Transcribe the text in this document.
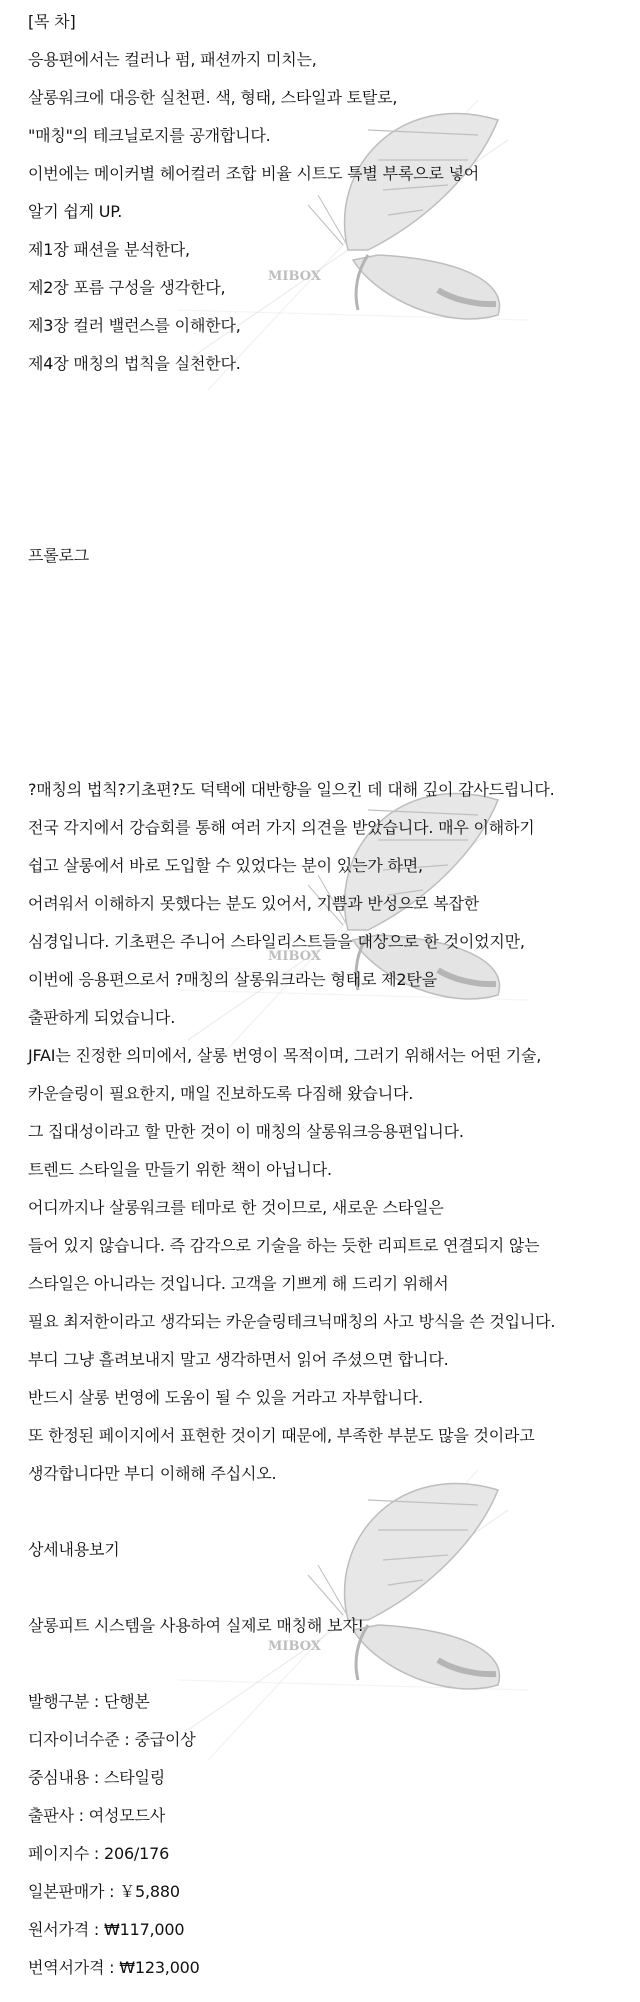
MIBOX
MIBOX
MIBOX
[목 차]
응용편에서는 컬러나 펌, 패션까지 미치는,
살롱워크에 대응한 실천편. 색, 형태, 스타일과 토탈로,
"매칭"의 테크닐로지를 공개합니다.
이번에는 메이커별 헤어컬러 조합 비율 시트도 특별 부록으로 넣어
알기 쉽게 UP.
제1장 패션을 분석한다,
제2장 포름 구성을 생각한다,
제3장 컬러 밸런스를 이해한다,
제4장 매칭의 법칙을 실천한다.
프롤로그
?매칭의 법칙?기초편?도 덕택에 대반향을 일으킨 데 대해 깊이 감사드립니다.
전국 각지에서 강습회를 통해 여러 가지 의견을 받았습니다. 매우 이해하기
쉽고 살롱에서 바로 도입할 수 있었다는 분이 있는가 하면,
어려워서 이해하지 못했다는 분도 있어서, 기쁨과 반성으로 복잡한
심경입니다. 기초편은 주니어 스타일리스트들을 대상으로 한 것이었지만,
이번에 응용편으로서 ?매칭의 살롱워크라는 형태로 제2탄을
출판하게 되었습니다.
JFAI는 진정한 의미에서, 살롱 번영이 목적이며, 그러기 위해서는 어떤 기술,
카운슬링이 필요한지, 매일 진보하도록 다짐해 왔습니다.
그 집대성이라고 할 만한 것이 이 매칭의 살롱워크응용편입니다.
트렌드 스타일을 만들기 위한 책이 아닙니다.
어디까지나 살롱워크를 테마로 한 것이므로, 새로운 스타일은
들어 있지 않습니다. 즉 감각으로 기술을 하는 듯한 리피트로 연결되지 않는
스타일은 아니라는 것입니다. 고객을 기쁘게 해 드리기 위해서
필요 최저한이라고 생각되는 카운슬링테크닉매칭의 사고 방식을 쓴 것입니다.
부디 그냥 흘려보내지 말고 생각하면서 읽어 주셨으면 합니다.
반드시 살롱 번영에 도움이 될 수 있을 거라고 자부합니다.
또 한정된 페이지에서 표현한 것이기 때문에, 부족한 부분도 많을 것이라고
생각합니다만 부디 이해해 주십시오.
상세내용보기
살롱피트 시스템을 사용하여 실제로 매칭해 보자!
발행구분 : 단행본
디자이너수준 : 중급이상
중심내용 : 스타일링
출판사 : 여성모드사
페이지수 : 206/176
일본판매가 : ￥5,880
원서가격 : ₩117,000
번역서가격 : ₩123,000
